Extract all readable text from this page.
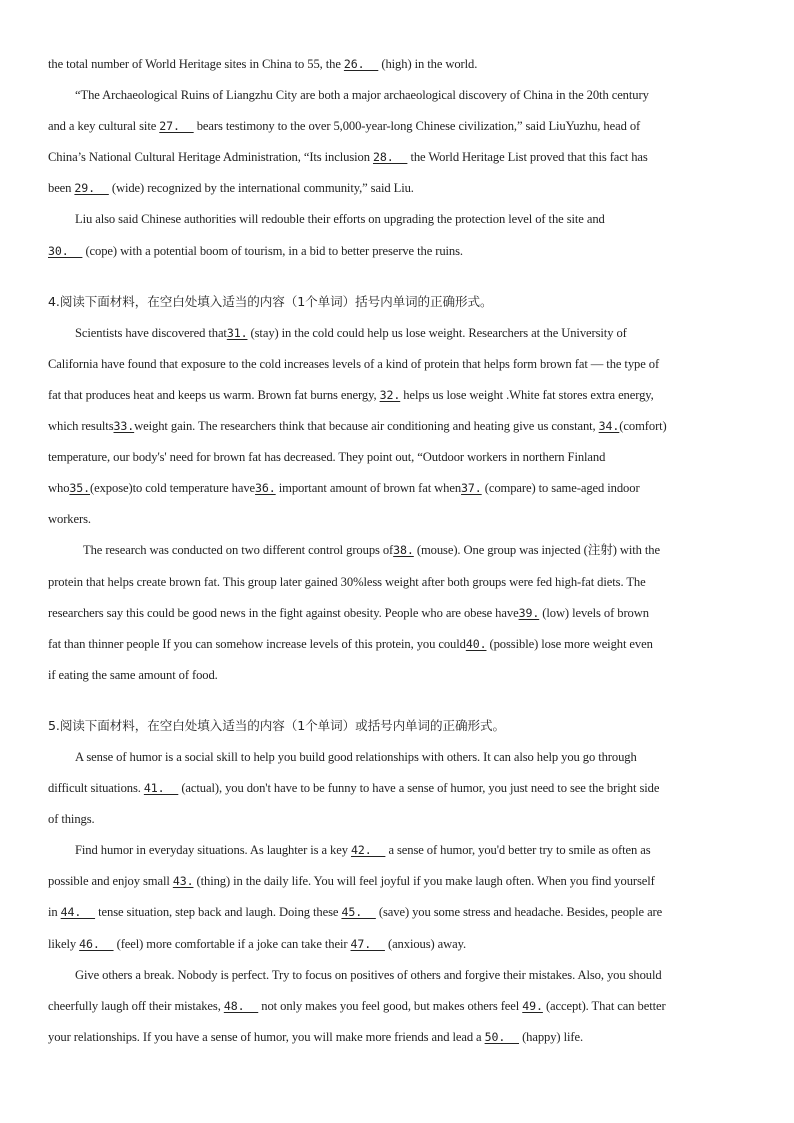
the total number of World Heritage sites in China to 55, the 26.   (high) in the world.
“The Archaeological Ruins of Liangzhu City are both a major archaeological discovery of China in the 20th century
and a key cultural site 27.   bears testimony to the over 5,000-year-long Chinese civilization,” said LiuYuzhu, head of
China’s National Cultural Heritage Administration, “Its inclusion 28.   the World Heritage List proved that this fact has
been 29.   (wide) recognized by the international community,” said Liu.
Liu also said Chinese authorities will redouble their efforts on upgrading the protection level of the site and
30.   (cope) with a potential boom of tourism, in a bid to better preserve the ruins.
4.阅读下面材料，在空白处填入适当的内容（1个单词）括号内单词的正确形式。
Scientists have discovered that31. (stay) in the cold could help us lose weight. Researchers at the University of
California have found that exposure to the cold increases levels of a kind of protein that helps form brown fat — the type of
fat that produces heat and keeps us warm. Brown fat burns energy, 32. helps us lose weight .White fat stores extra energy,
which results33.weight gain. The researchers think that because air conditioning and heating give us constant, 34.(comfort)
temperature, our body's' need for brown fat has decreased. They point out, “Outdoor workers in northern Finland
who35.(expose)to cold temperature have36. important amount of brown fat when37. (compare) to same-aged indoor
workers.
The research was conducted on two different control groups of38. (mouse). One group was injected (注射) with the
protein that helps create brown fat. This group later gained 30%less weight after both groups were fed high-fat diets. The
researchers say this could be good news in the fight against obesity. People who are obese have39. (low) levels of brown
fat than thinner people If you can somehow increase levels of this protein, you could40. (possible) lose more weight even
if eating the same amount of food.
5.阅读下面材料，在空白处填入适当的内容（1个单词）或括号内单词的正确形式。
A sense of humor is a social skill to help you build good relationships with others. It can also help you go through
difficult situations. 41.   (actual), you don't have to be funny to have a sense of humor, you just need to see the bright side
of things.
Find humor in everyday situations. As laughter is a key 42.   a sense of humor, you'd better try to smile as often as
possible and enjoy small 43. (thing) in the daily life. You will feel joyful if you make laugh often. When you find yourself
in 44.   tense situation, step back and laugh. Doing these 45.   (save) you some stress and headache. Besides, people are
likely 46.   (feel) more comfortable if a joke can take their 47.   (anxious) away.
Give others a break. Nobody is perfect. Try to focus on positives of others and forgive their mistakes. Also, you should
cheerfully laugh off their mistakes, 48.   not only makes you feel good, but makes others feel 49. (accept). That can better
your relationships. If you have a sense of humor, you will make more friends and lead a 50.   (happy) life.
